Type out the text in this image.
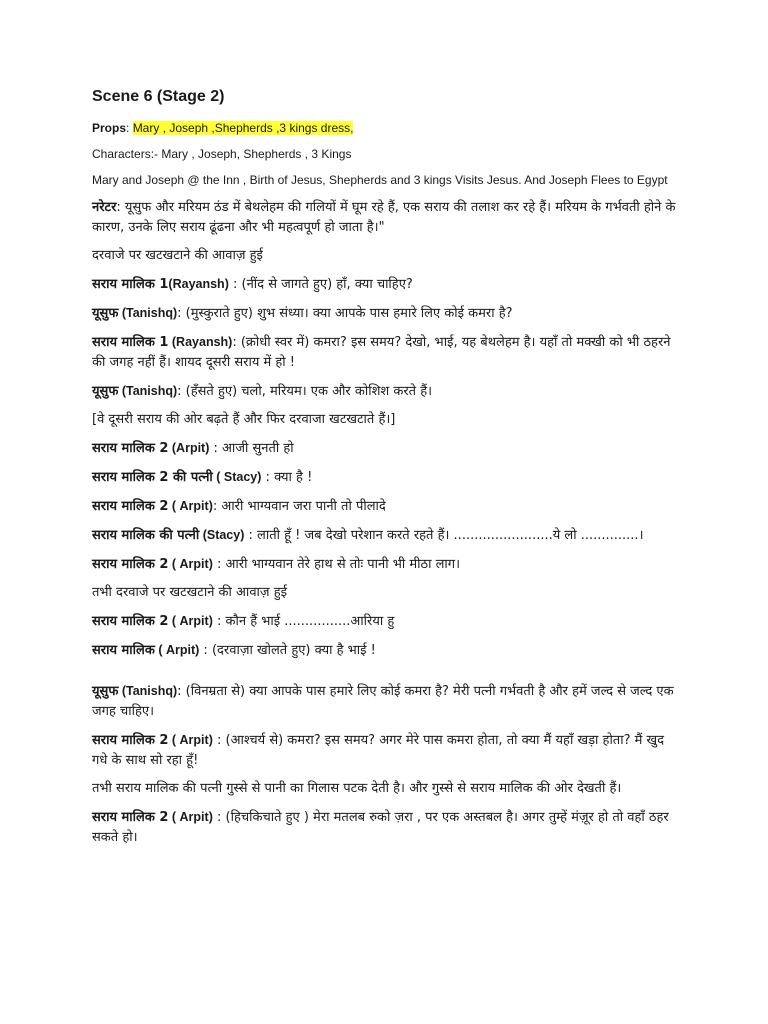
Scene 6 (Stage 2)
Props: Mary , Joseph ,Shepherds ,3 kings dress,
Characters:- Mary , Joseph, Shepherds , 3 Kings
Mary and Joseph @ the Inn , Birth of Jesus, Shepherds and 3 kings Visits Jesus. And Joseph Flees to Egypt
नरेटर: यूसुफ और मरियम ठंड में बेथलेहम की गलियों में घूम रहे हैं, एक सराय की तलाश कर रहे हैं। मरियम के गर्भवती होने के कारण, उनके लिए सराय ढूंढना और भी महत्वपूर्ण हो जाता है।"
दरवाजे पर खटखटाने की आवाज़ हुई
सराय मालिक 1(Rayansh) : (नींद से जागते हुए) हाँ, क्या चाहिए?
यूसुफ (Tanishq): (मुस्कुराते हुए) शुभ संध्या। क्या आपके पास हमारे लिए कोई कमरा है?
सराय मालिक 1 (Rayansh): (क्रोधी स्वर में) कमरा? इस समय? देखो, भाई, यह बेथलेहम है। यहाँ तो मक्खी को भी ठहरने की जगह नहीं हैं। शायद दूसरी सराय में हो !
यूसुफ (Tanishq): (हँसते हुए) चलो, मरियम। एक और कोशिश करते हैं।
[वे दूसरी सराय की ओर बढ़ते हैं और फिर दरवाजा खटखटाते हैं।]
सराय मालिक 2 (Arpit) : आजी सुनती हो
सराय मालिक 2 की पत्नी ( Stacy) : क्या है !
सराय मालिक 2 ( Arpit): आरी भाग्यवान जरा पानी तो पीलादे
सराय मालिक की पत्नी (Stacy) : लाती हूँ ! जब देखो परेशान करते रहते हैं। ........................ये लो ..............।
सराय मालिक 2 ( Arpit) : आरी भाग्यवान तेरे हाथ से तोः पानी भी मीठा लाग।
तभी दरवाजे पर खटखटाने की आवाज़ हुई
सराय मालिक 2 ( Arpit) : कौन हैं भाई ................आरिया हु
सराय मालिक ( Arpit) : (दरवाज़ा खोलते हुए) क्या है भाई !
यूसुफ (Tanishq): (विनम्रता से) क्या आपके पास हमारे लिए कोई कमरा है? मेरी पत्नी गर्भवती है और हमें जल्द से जल्द एक जगह चाहिए।
सराय मालिक 2 ( Arpit) : (आश्चर्य से) कमरा? इस समय? अगर मेरे पास कमरा होता, तो क्या मैं यहाँ खड़ा होता? मैं खुद गधे के साथ सो रहा हूँ!
तभी सराय मालिक की पत्नी गुस्से से पानी का गिलास पटक देती है। और गुस्से से सराय मालिक की ओर देखती हैं।
सराय मालिक 2 ( Arpit) : (हिचकिचाते हुए ) मेरा मतलब रुको ज़रा , पर एक अस्तबल है। अगर तुम्हें मंज़ूर हो तो वहाँ ठहर सकते हो।
